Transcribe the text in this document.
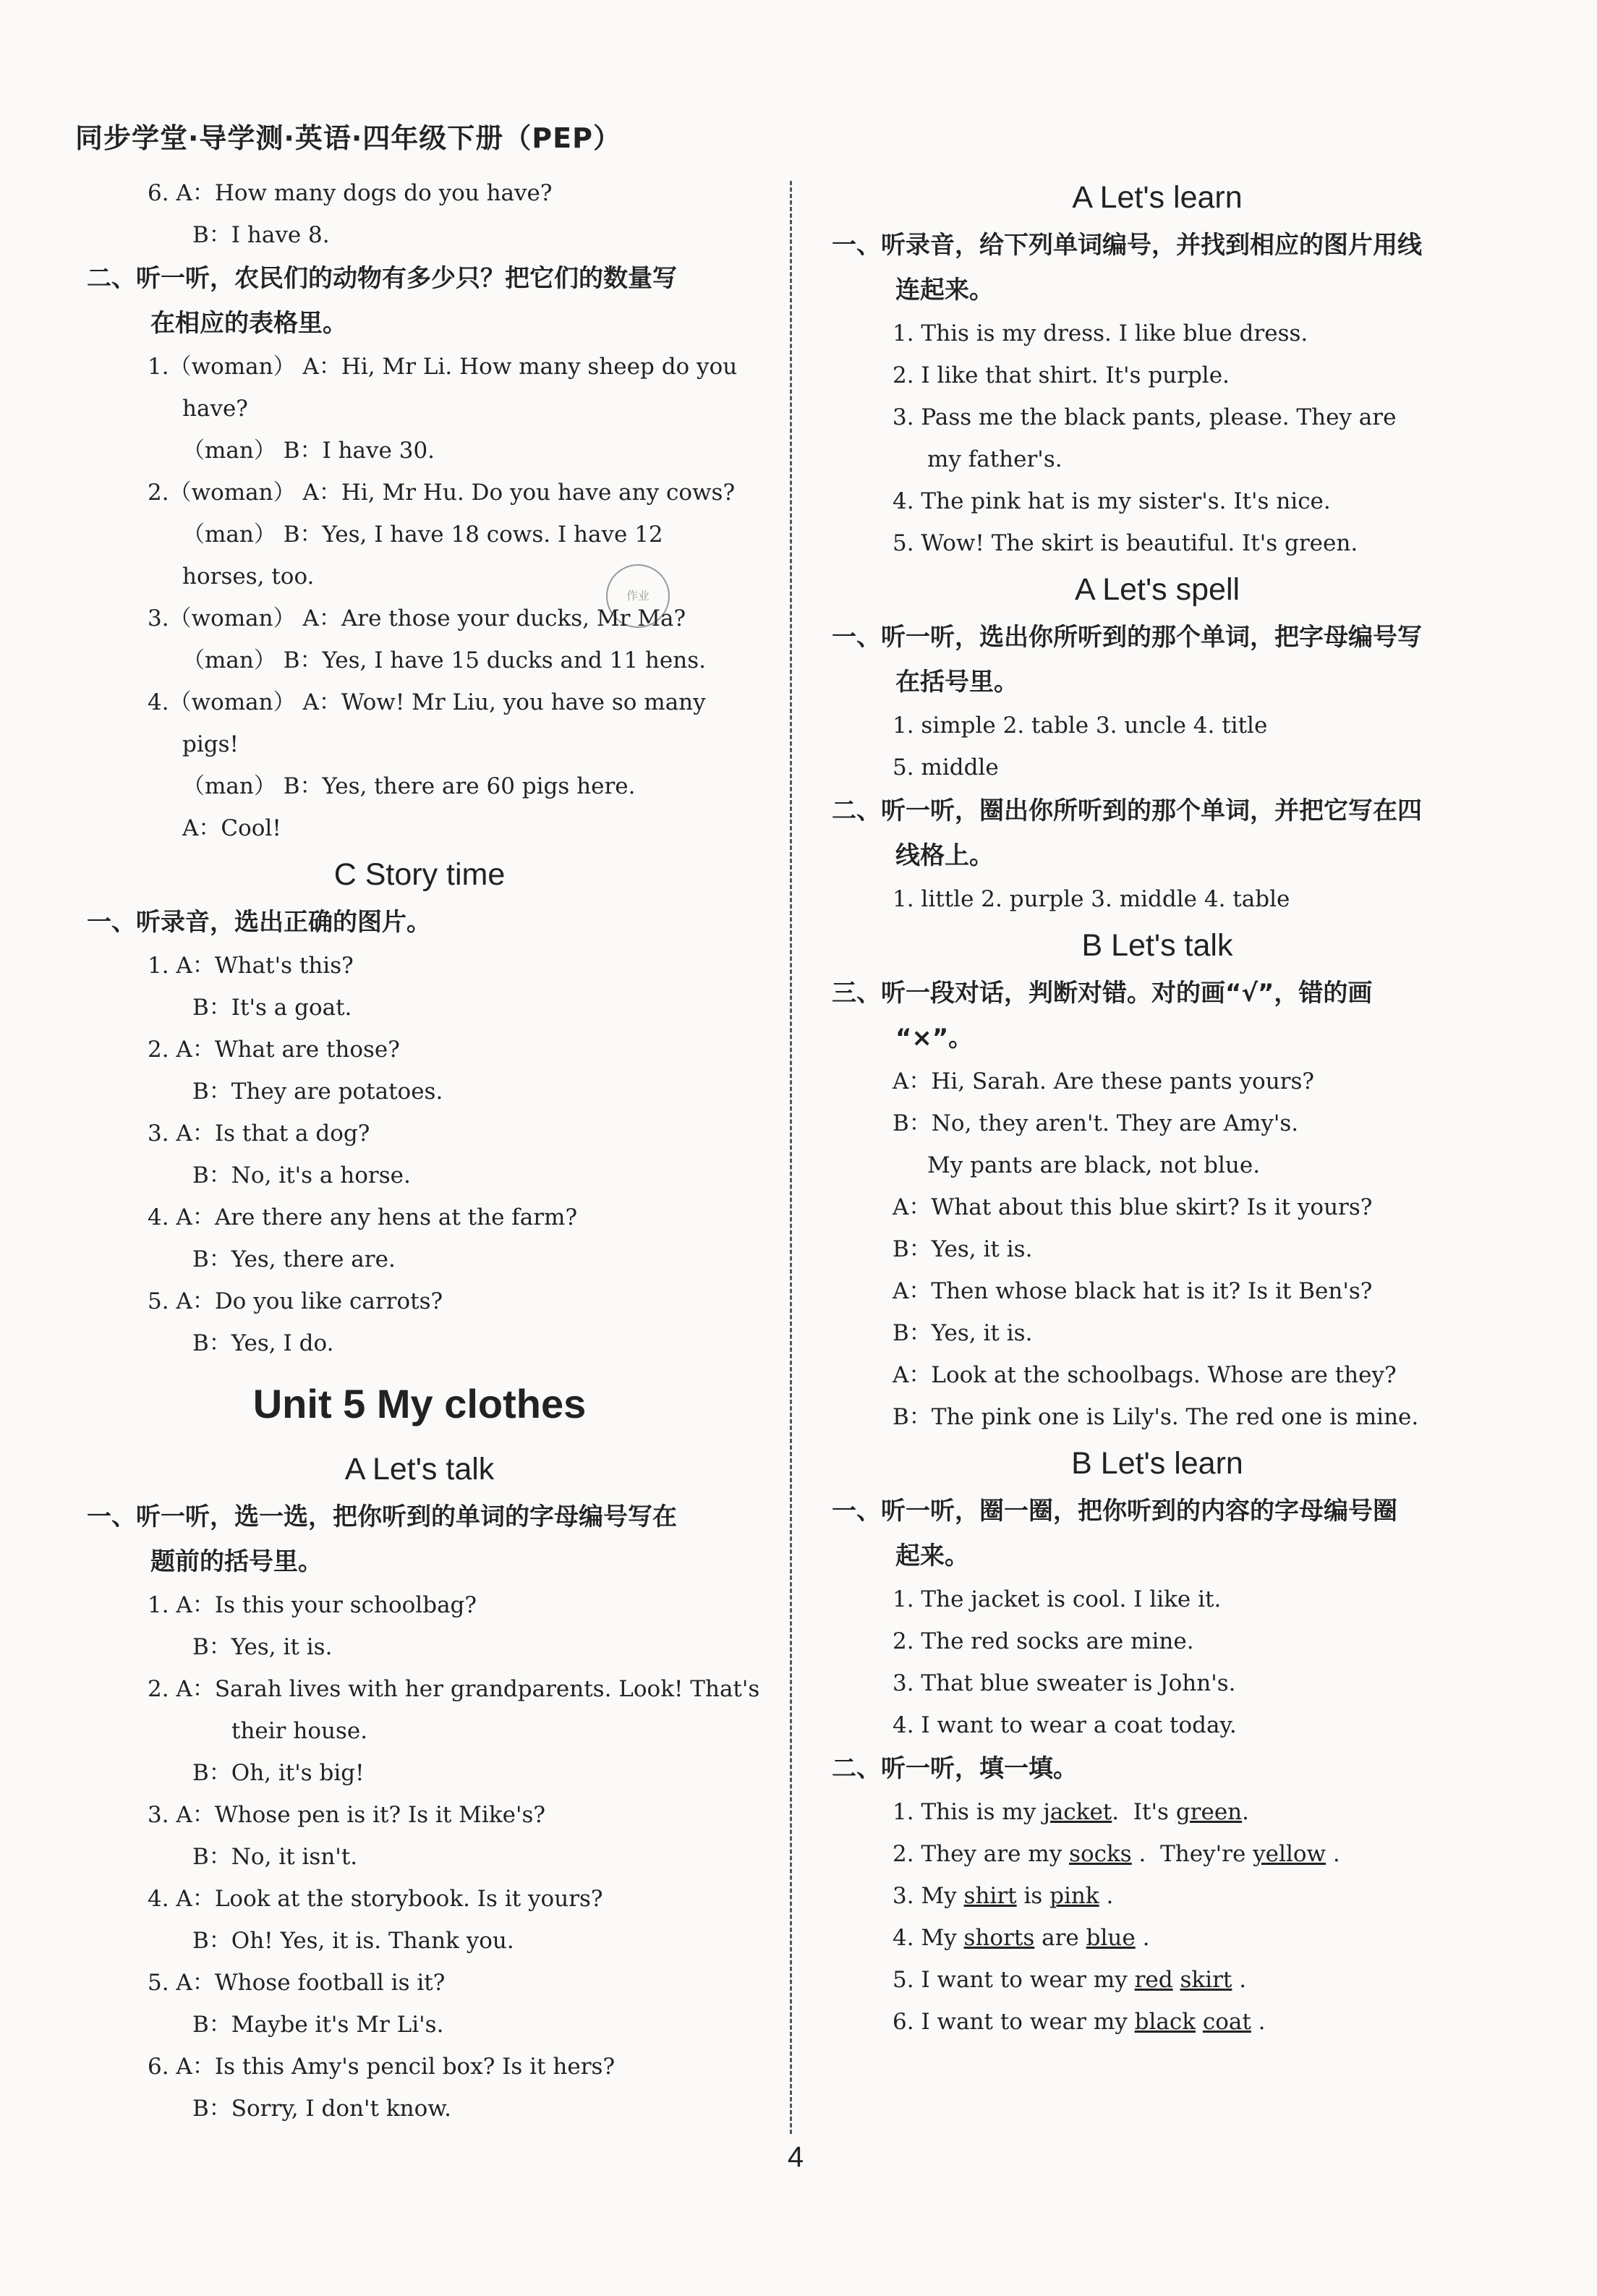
同步学堂·导学测·英语·四年级下册（PEP）
作业
6. A：How many dogs do you have?
B：I have 8.
二、听一听，农民们的动物有多少只？把它们的数量写
在相应的表格里。
1.（woman） A：Hi, Mr Li. How many sheep do you
have?
（man） B：I have 30.
2.（woman） A：Hi, Mr Hu. Do you have any cows?
（man） B：Yes, I have 18 cows. I have 12
horses, too.
3.（woman） A：Are those your ducks, Mr Ma?
（man） B：Yes, I have 15 ducks and 11 hens.
4.（woman） A：Wow! Mr Liu, you have so many
pigs!
（man） B：Yes, there are 60 pigs here.
A：Cool!
C Story time
一、听录音，选出正确的图片。
1. A：What's this?
B：It's a goat.
2. A：What are those?
B：They are potatoes.
3. A：Is that a dog?
B：No, it's a horse.
4. A：Are there any hens at the farm?
B：Yes, there are.
5. A：Do you like carrots?
B：Yes, I do.
Unit 5 My clothes
A Let's talk
一、听一听，选一选，把你听到的单词的字母编号写在
题前的括号里。
1. A：Is this your schoolbag?
B：Yes, it is.
2. A：Sarah lives with her grandparents. Look! That's
their house.
B：Oh, it's big!
3. A：Whose pen is it? Is it Mike's?
B：No, it isn't.
4. A：Look at the storybook. Is it yours?
B：Oh! Yes, it is. Thank you.
5. A：Whose football is it?
B：Maybe it's Mr Li's.
6. A：Is this Amy's pencil box? Is it hers?
B：Sorry, I don't know.
A Let's learn
一、听录音，给下列单词编号，并找到相应的图片用线
连起来。
1. This is my dress. I like blue dress.
2. I like that shirt. It's purple.
3. Pass me the black pants, please. They are
my father's.
4. The pink hat is my sister's. It's nice.
5. Wow! The skirt is beautiful. It's green.
A Let's spell
一、听一听，选出你所听到的那个单词，把字母编号写
在括号里。
1. simple 2. table 3. uncle 4. title
5. middle
二、听一听，圈出你所听到的那个单词，并把它写在四
线格上。
1. little 2. purple 3. middle 4. table
B Let's talk
三、听一段对话，判断对错。对的画“√”，错的画
“×”。
A：Hi, Sarah. Are these pants yours?
B：No, they aren't. They are Amy's.
My pants are black, not blue.
A：What about this blue skirt? Is it yours?
B：Yes, it is.
A：Then whose black hat is it? Is it Ben's?
B：Yes, it is.
A：Look at the schoolbags. Whose are they?
B：The pink one is Lily's. The red one is mine.
B Let's learn
一、听一听，圈一圈，把你听到的内容的字母编号圈
起来。
1. The jacket is cool. I like it.
2. The red socks are mine.
3. That blue sweater is John's.
4. I want to wear a coat today.
二、听一听，填一填。
1. This is my jacket.  It's green.
2. They are my socks .  They're yellow .
3. My shirt is pink .
4. My shorts are blue .
5. I want to wear my red skirt .
6. I want to wear my black coat .
4
